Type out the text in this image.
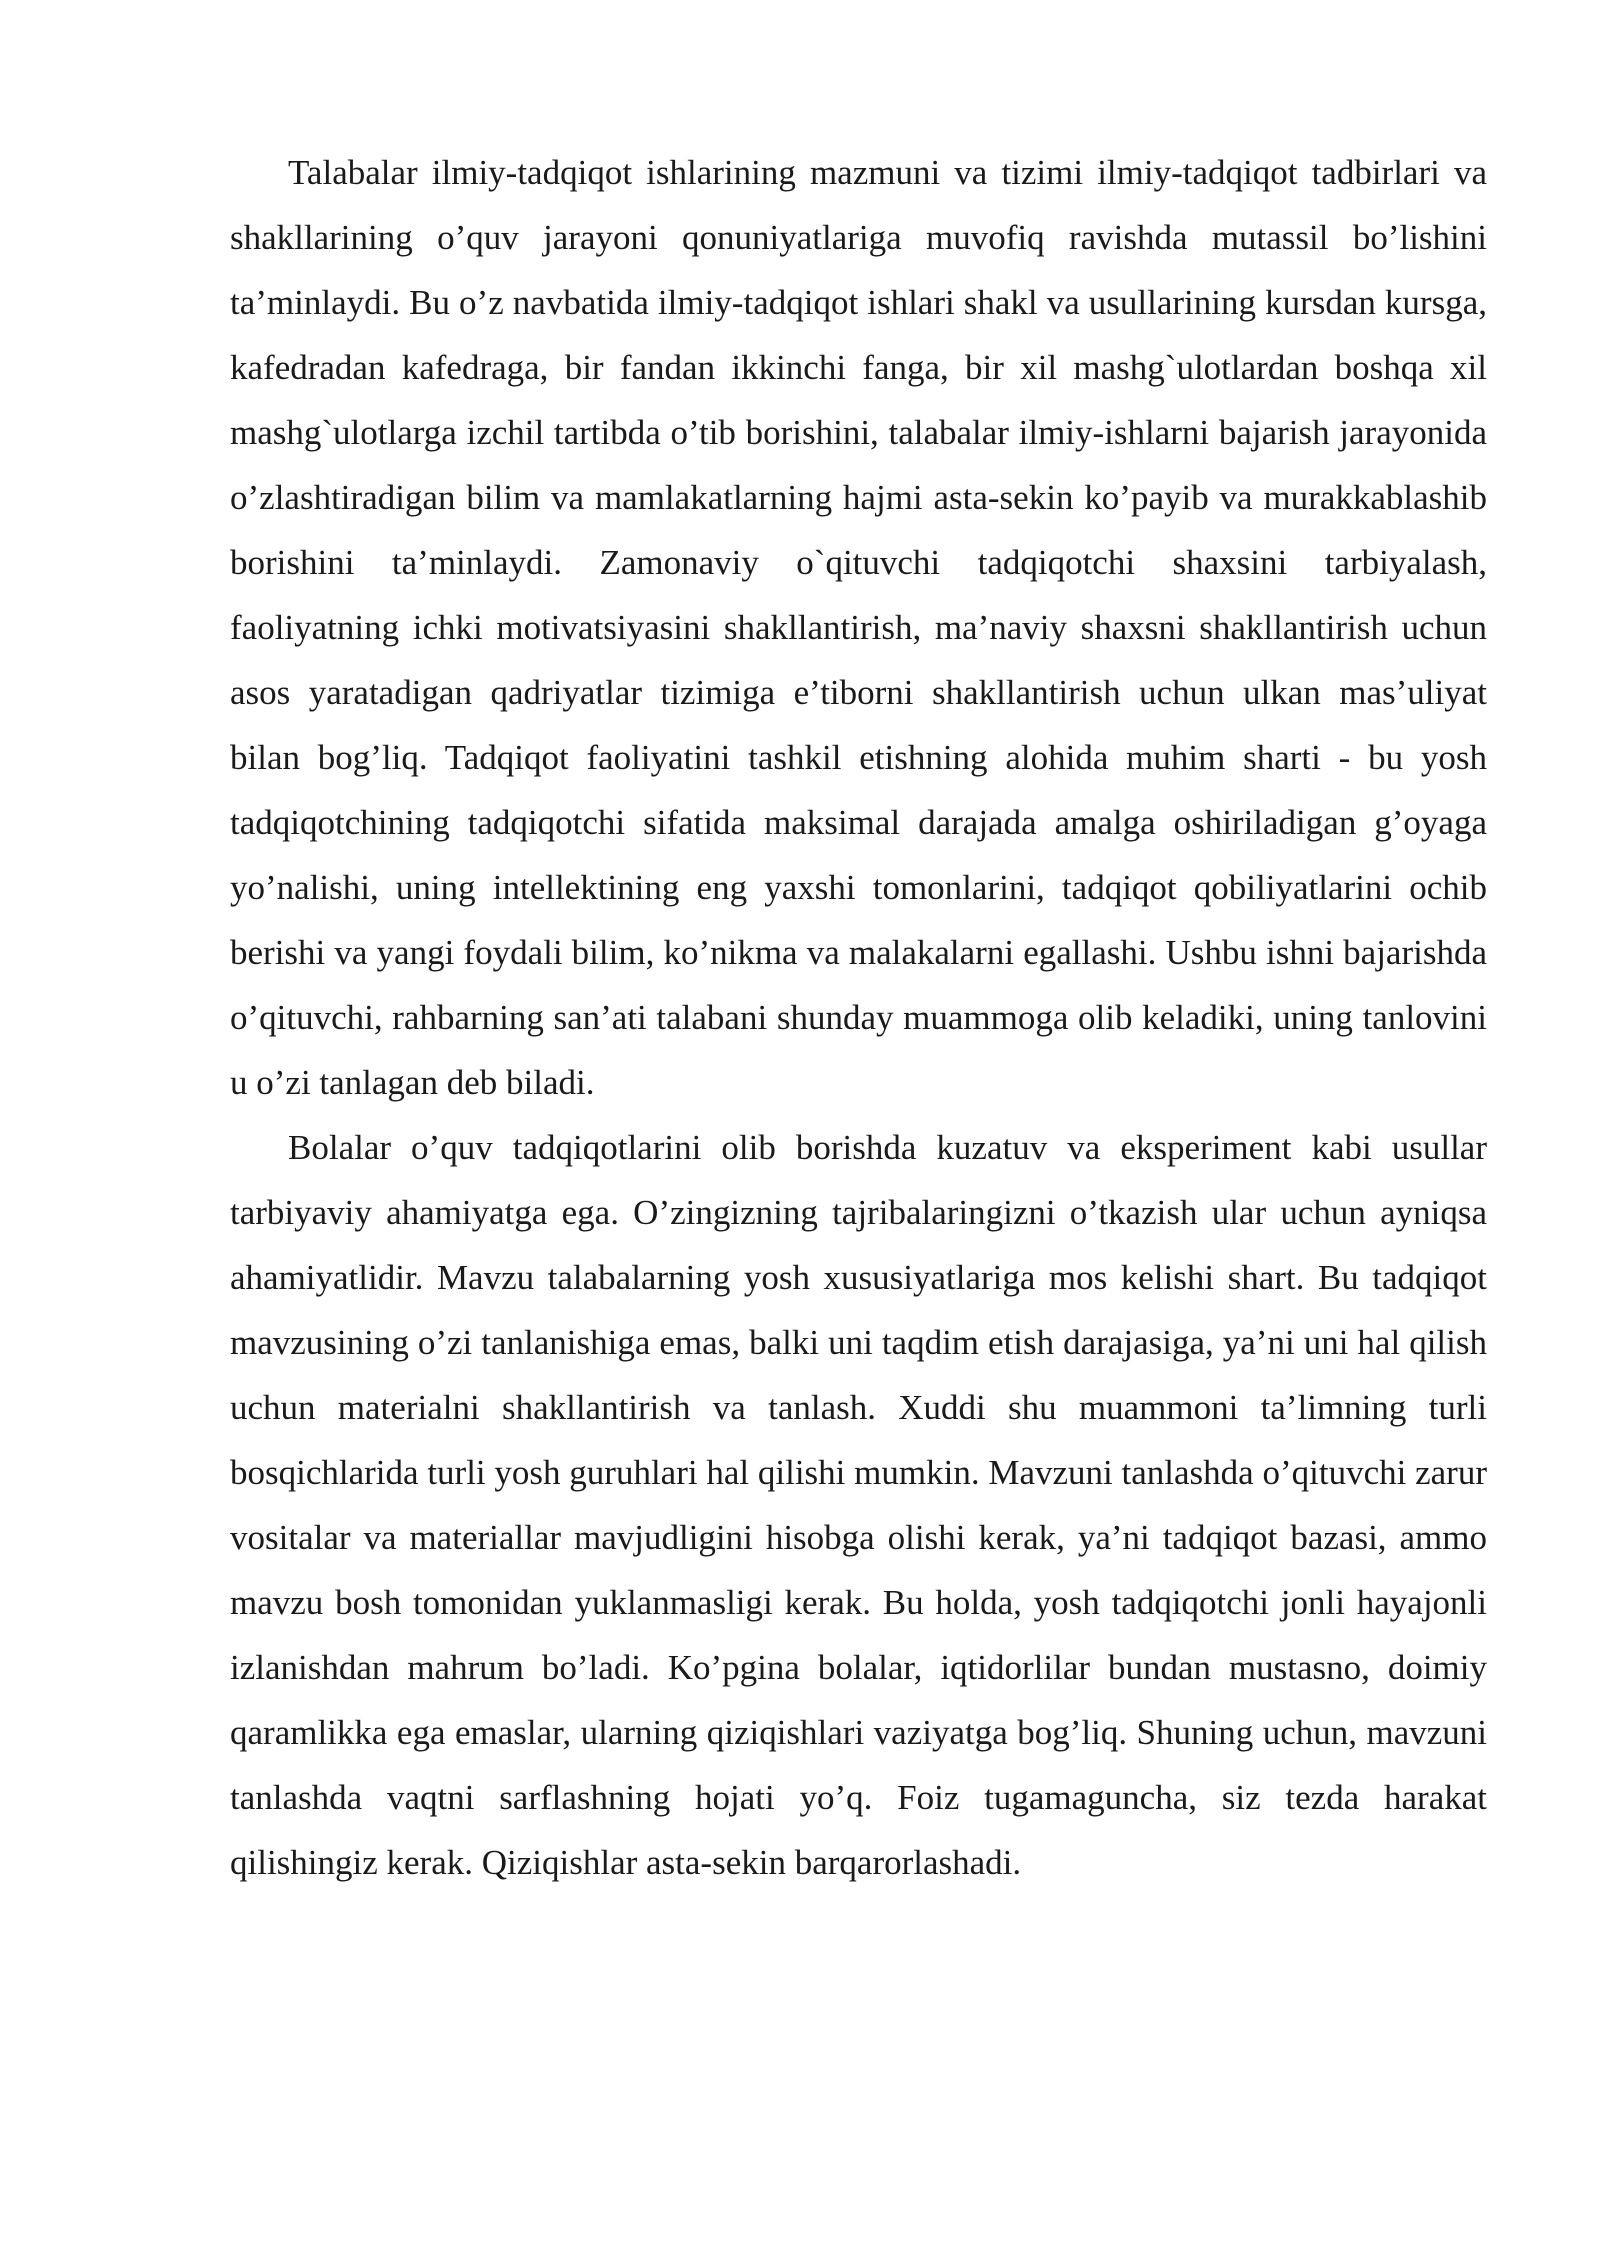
Talabalar ilmiy-tadqiqot ishlarining mazmuni va tizimi ilmiy-tadqiqot tadbirlari va shakllarining o’quv jarayoni qonuniyatlariga muvofiq ravishda mutassil bo’lishini ta’minlaydi. Bu o’z navbatida ilmiy-tadqiqot ishlari shakl va usullarining kursdan kursga, kafedradan kafedraga, bir fandan ikkinchi fanga, bir xil mashg`ulotlardan boshqa xil mashg`ulotlarga izchil tartibda o’tib borishini, talabalar ilmiy-ishlarni bajarish jarayonida o’zlashtiradigan bilim va mamlakatlarning hajmi asta-sekin ko’payib va murakkablashib borishini ta’minlaydi. Zamonaviy o`qituvchi tadqiqotchi shaxsini tarbiyalash, faoliyatning ichki motivatsiyasini shakllantirish, ma’naviy shaxsni shakllantirish uchun asos yaratadigan qadriyatlar tizimiga e’tiborni shakllantirish uchun ulkan mas’uliyat bilan bog’liq. Tadqiqot faoliyatini tashkil etishning alohida muhim sharti - bu yosh tadqiqotchining tadqiqotchi sifatida maksimal darajada amalga oshiriladigan g’oyaga yo’nalishi, uning intellektining eng yaxshi tomonlarini, tadqiqot qobiliyatlarini ochib berishi va yangi foydali bilim, ko’nikma va malakalarni egallashi. Ushbu ishni bajarishda o’qituvchi, rahbarning san’ati talabani shunday muammoga olib keladiki, uning tanlovini u o’zi tanlagan deb biladi.

Bolalar o’quv tadqiqotlarini olib borishda kuzatuv va eksperiment kabi usullar tarbiyaviy ahamiyatga ega. O’zingizning tajribalaringizni o’tkazish ular uchun ayniqsa ahamiyatlidir. Mavzu talabalarning yosh xususiyatlariga mos kelishi shart. Bu tadqiqot mavzusining o’zi tanlanishiga emas, balki uni taqdim etish darajasiga, ya’ni uni hal qilish uchun materialni shakllantirish va tanlash. Xuddi shu muammoni ta’limning turli bosqichlarida turli yosh guruhlari hal qilishi mumkin. Mavzuni tanlashda o’qituvchi zarur vositalar va materiallar mavjudligini hisobga olishi kerak, ya’ni tadqiqot bazasi, ammo mavzu bosh tomonidan yuklanmasligi kerak. Bu holda, yosh tadqiqotchi jonli hayajonli izlanishdan mahrum bo’ladi. Ko’pgina bolalar, iqtidorlilar bundan mustasno, doimiy qaramlikka ega emaslar, ularning qiziqishlari vaziyatga bog’liq. Shuning uchun, mavzuni tanlashda vaqtni sarflashning hojati yo’q. Foiz tugamaguncha, siz tezda harakat qilishingiz kerak. Qiziqishlar asta-sekin barqarorlashadi.
